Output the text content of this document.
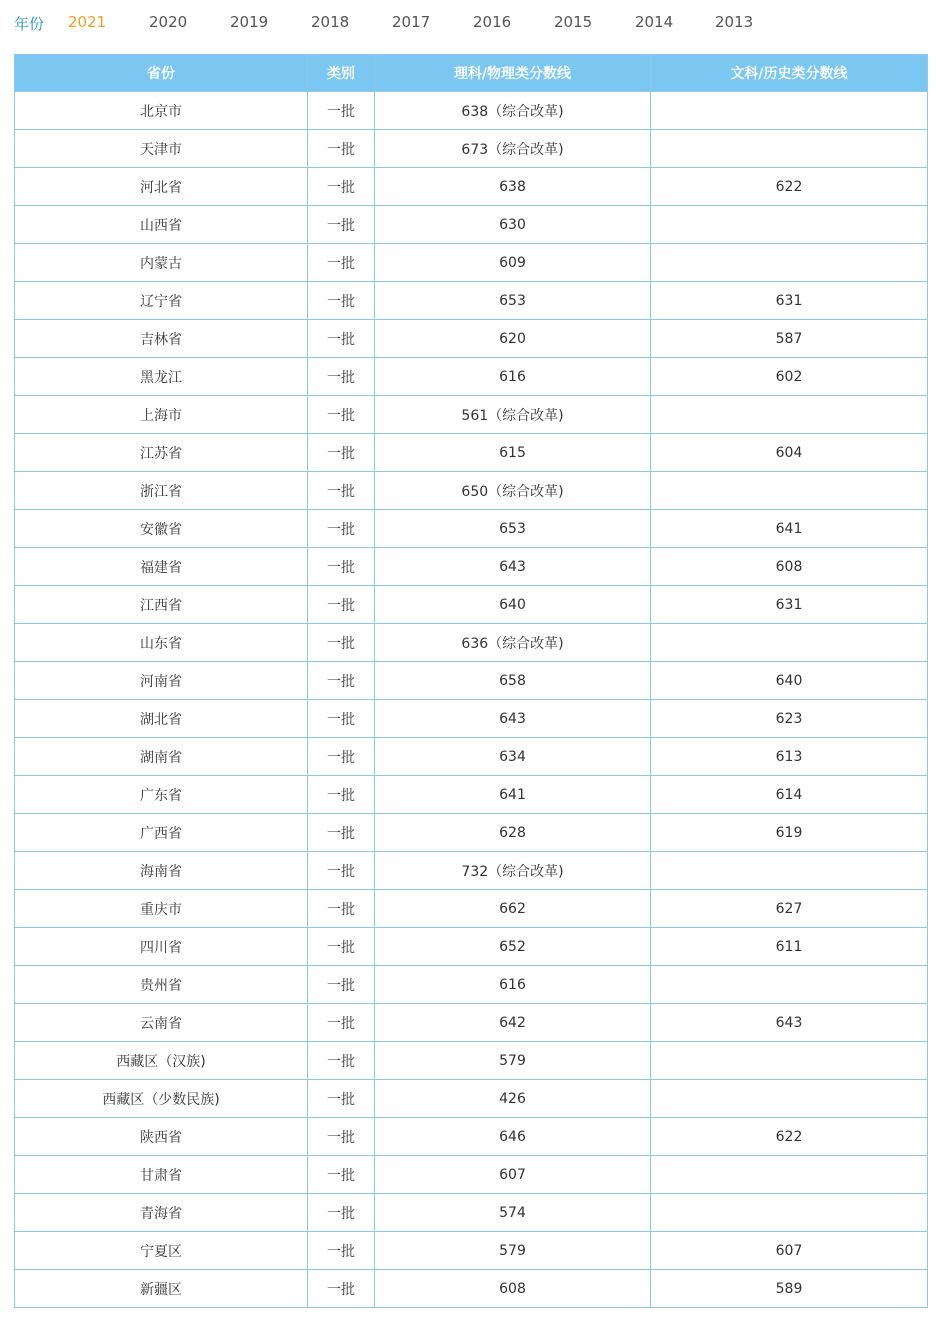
年份 2021	2020	2019	2018	2017	2016	2015	2014	2013
省份	类别	理科/物理类分数线	文科/历史类分数线
北京市	一批	638（综合改革)	
天津市	一批	673（综合改革)	
河北省	一批	638	622
山西省	一批	630	
内蒙古	一批	609	
辽宁省	一批	653	631
吉林省	一批	620	587
黑龙江	一批	616	602
上海市	一批	561（综合改革)	
江苏省	一批	615	604
浙江省	一批	650（综合改革)	
安徽省	一批	653	641
福建省	一批	643	608
江西省	一批	640	631
山东省	一批	636（综合改革)	
河南省	一批	658	640
湖北省	一批	643	623
湖南省	一批	634	613
广东省	一批	641	614
广西省	一批	628	619
海南省	一批	732（综合改革)	
重庆市	一批	662	627
四川省	一批	652	611
贵州省	一批	616	
云南省	一批	642	643
西藏区（汉族)	一批	579	
西藏区（少数民族)	一批	426	
陕西省	一批	646	622
甘肃省	一批	607	
青海省	一批	574	
宁夏区	一批	579	607
新疆区	一批	608	589
